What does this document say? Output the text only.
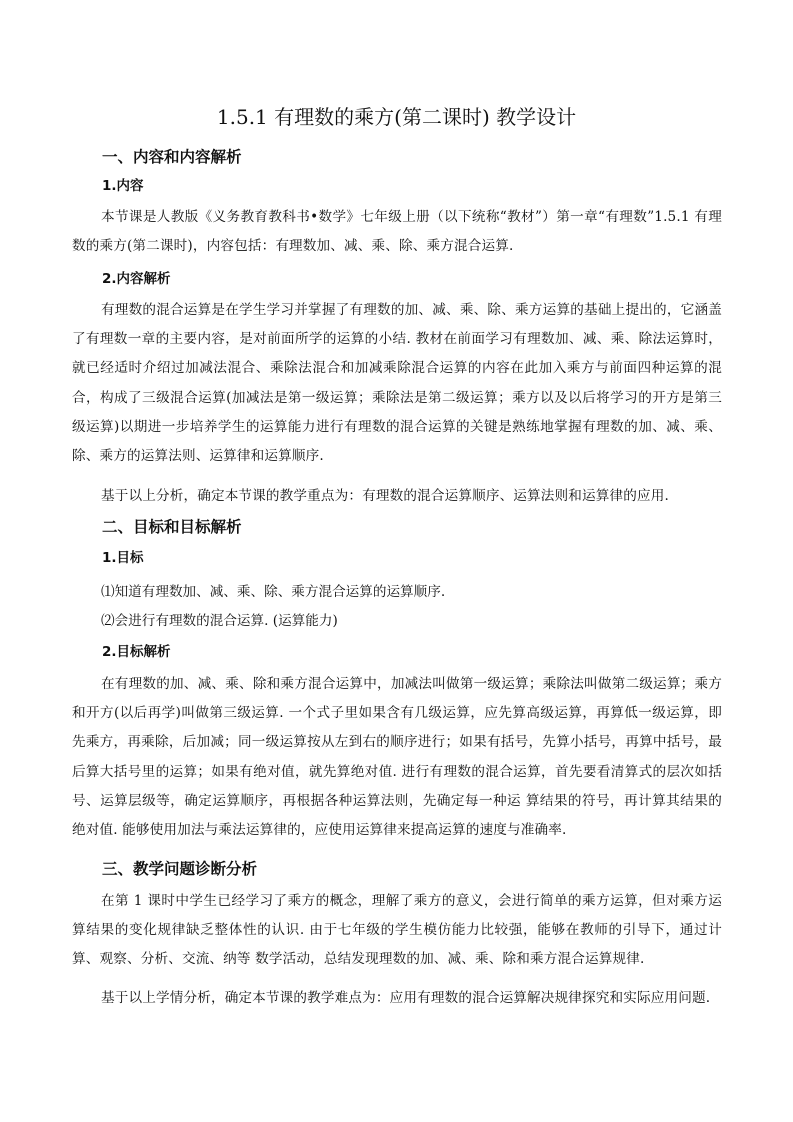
1.5.1 有理数的乘方(第二课时) 教学设计
一、内容和内容解析
1.内容

本节课是人教版《义务教育教科书•数学》七年级上册（以下统称“教材”）第一章“有理数”1.5.1 有理数的乘方(第二课时)，内容包括：有理数加、减、乘、除、乘方混合运算.

2.内容解析

有理数的混合运算是在学生学习并掌握了有理数的加、减、乘、除、乘方运算的基础上提出的，它涵盖了有理数一章的主要内容，是对前面所学的运算的小结. 教材在前面学习有理数加、减、乘、除法运算时，就已经适时介绍过加减法混合、乘除法混合和加减乘除混合运算的内容在此加入乘方与前面四种运算的混合，构成了三级混合运算(加减法是第一级运算；乘除法是第二级运算；乘方以及以后将学习的开方是第三级运算)以期进一步培养学生的运算能力进行有理数的混合运算的关键是熟练地掌握有理数的加、减、乘、除、乘方的运算法则、运算律和运算顺序.

基于以上分析，确定本节课的教学重点为：有理数的混合运算顺序、运算法则和运算律的应用.

二、目标和目标解析
1.目标
⑴知道有理数加、减、乘、除、乘方混合运算的运算顺序.
⑵会进行有理数的混合运算. (运算能力)
2.目标解析

在有理数的加、减、乘、除和乘方混合运算中，加减法叫做第一级运算；乘除法叫做第二级运算；乘方和开方(以后再学)叫做第三级运算. 一个式子里如果含有几级运算，应先算高级运算，再算低一级运算，即先乘方，再乘除，后加减；同一级运算按从左到右的顺序进行；如果有括号，先算小括号，再算中括号，最后算大括号里的运算；如果有绝对值，就先算绝对值. 进行有理数的混合运算，首先要看清算式的层次如括号、运算层级等，确定运算顺序，再根据各种运算法则，先确定每一种运 算结果的符号，再计算其结果的绝对值. 能够使用加法与乘法运算律的，应使用运算律来提高运算的速度与准确率.

三、教学问题诊断分析

在第 1 课时中学生已经学习了乘方的概念，理解了乘方的意义，会进行简单的乘方运算，但对乘方运算结果的变化规律缺乏整体性的认识. 由于七年级的学生模仿能力比较强，能够在教师的引导下，通过计算、观察、分析、交流、纳等 数学活动，总结发现理数的加、减、乘、除和乘方混合运算规律.

基于以上学情分析，确定本节课的教学难点为：应用有理数的混合运算解决规律探究和实际应用问题.
